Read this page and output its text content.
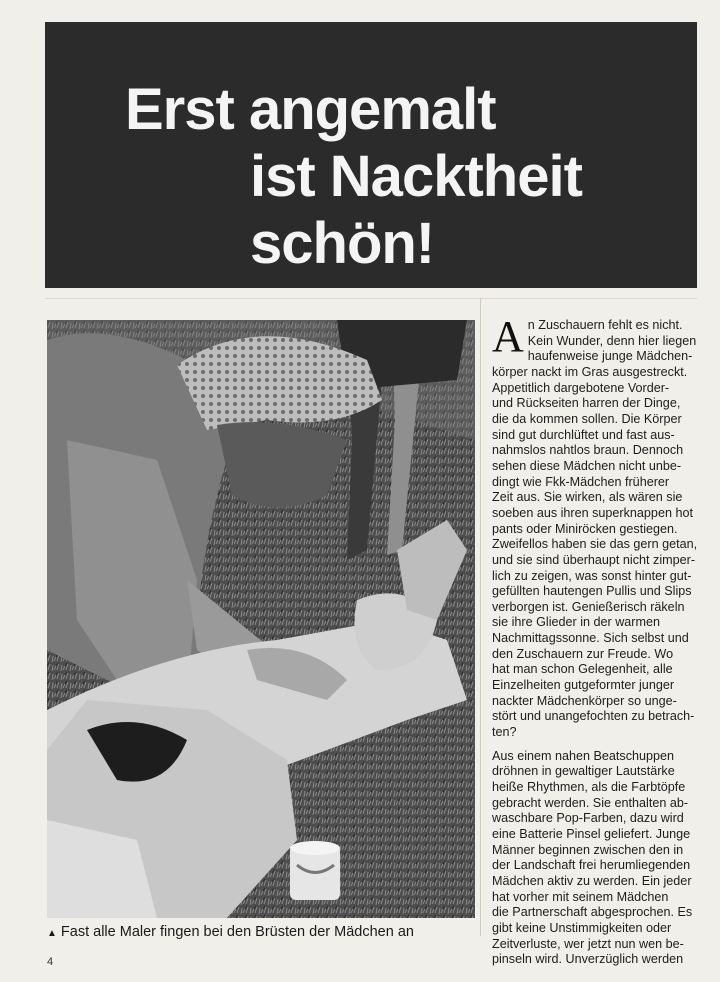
Erst angemalt
ist Nacktheit
schön!
▲ Fast alle Maler fingen bei den Brüsten der Mädchen an

A n Zuschauern fehlt es nicht.
Kein Wunder, denn hier liegen
haufenweise junge Mädchen-
körper nackt im Gras ausgestreckt.
Appetitlich dargebotene Vorder-
und Rückseiten harren der Dinge,
die da kommen sollen. Die Körper
sind gut durchlüftet und fast aus-
nahmslos nahtlos braun. Dennoch
sehen diese Mädchen nicht unbe-
dingt wie Fkk-Mädchen früherer
Zeit aus. Sie wirken, als wären sie
soeben aus ihren superknappen hot
pants oder Miniröcken gestiegen.
Zweifellos haben sie das gern getan,
und sie sind überhaupt nicht zimper-
lich zu zeigen, was sonst hinter gut-
gefüllten hautengen Pullis und Slips
verborgen ist. Genießerisch räkeln
sie ihre Glieder in der warmen
Nachmittagssonne. Sich selbst und
den Zuschauern zur Freude. Wo
hat man schon Gelegenheit, alle
Einzelheiten gutgeformter junger
nackter Mädchenkörper so unge-
stört und unangefochten zu betrach-
ten?

Aus einem nahen Beatschuppen
dröhnen in gewaltiger Lautstärke
heiße Rhythmen, als die Farbtöpfe
gebracht werden. Sie enthalten ab-
waschbare Pop-Farben, dazu wird
eine Batterie Pinsel geliefert. Junge
Männer beginnen zwischen den in
der Landschaft frei herumliegenden
Mädchen aktiv zu werden. Ein jeder
hat vorher mit seinem Mädchen
die Partnerschaft abgesprochen. Es
gibt keine Unstimmigkeiten oder
Zeitverluste, wer jetzt nun wen be-
pinseln wird. Unverzüglich werden

4
